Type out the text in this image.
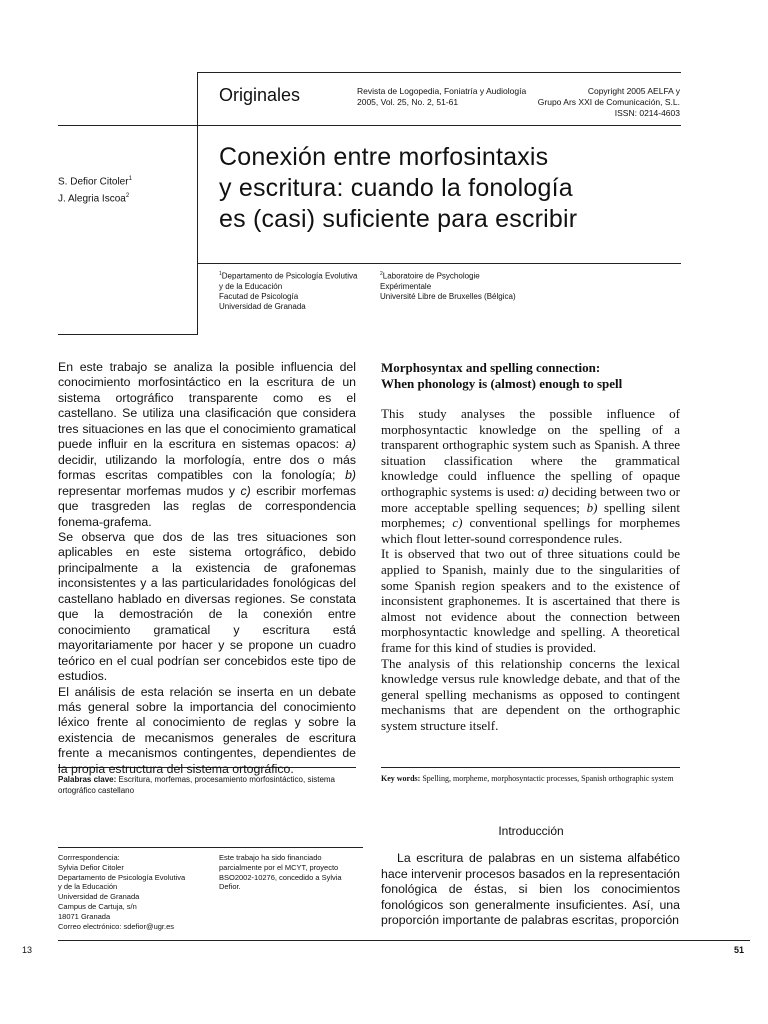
Originales	Revista de Logopedia, Foniatría y Audiología
2005, Vol. 25, No. 2, 51-61
Copyright 2005 AELFA y
Grupo Ars XXI de Comunicación, S.L.
ISSN: 0214-4603
Conexión entre morfosintaxis
y escritura: cuando la fonología
es (casi) suficiente para escribir
S. Defior Citoler$^1$
J. Alegria Iscoa$^2$
$^1$Departamento de Psicología Evolutiva
y de la Educación
Facutad de Psicología
Universidad de Granada
$^2$Laboratoire de Psychologie
Expérimentale
Université Libre de Bruxelles (Bélgica)

En este trabajo se analiza la posible influencia del conocimiento morfosintáctico en la escritura de un sistema ortográfico transparente como es el castellano. Se utiliza una clasificación que considera tres situaciones en las que el conocimiento gramatical puede influir en la escritura en sistemas opacos: a) decidir, utilizando la morfología, entre dos o más formas escritas compatibles con la fonología; b) representar morfemas mudos y c) escribir morfemas que trasgreden las reglas de correspondencia fonema-grafema.

Se observa que dos de las tres situaciones son aplicables en este sistema ortográfico, debido principalmente a la existencia de grafonemas inconsistentes y a las particularidades fonológicas del castellano hablado en diversas regiones. Se constata que la demostración de la conexión entre conocimiento gramatical y escritura está mayoritariamente por hacer y se propone un cuadro teórico en el cual podrían ser concebidos este tipo de estudios.

El análisis de esta relación se inserta en un debate más general sobre la importancia del conocimiento léxico frente al conocimiento de reglas y sobre la existencia de mecanismos generales de escritura frente a mecanismos contingentes, dependientes de la propia estructura del sistema ortográfico.

Palabras clave: Escritura, morfemas, procesamiento morfosintáctico, sistema ortográfico castellano
Morphosyntax and spelling connection:
When phonology is (almost) enough to spell

This study analyses the possible influence of morphosyntactic knowledge on the spelling of a transparent orthographic system such as Spanish. A three situation classification where the grammatical knowledge could influence the spelling of opaque orthographic systems is used: a) deciding between two or more acceptable spelling sequences; b) spelling silent morphemes; c) conventional spellings for morphemes which flout letter-sound correspondence rules.

It is observed that two out of three situations could be applied to Spanish, mainly due to the singularities of some Spanish region speakers and to the existence of inconsistent graphonemes. It is ascertained that there is almost not evidence about the connection between morphosyntactic knowledge and spelling. A theoretical frame for this kind of studies is provided.

The analysis of this relationship concerns the lexical knowledge versus rule knowledge debate, and that of the general spelling mechanisms as opposed to contingent mechanisms that are dependent on the orthographic system structure itself.

Key words: Spelling, morpheme, morphosyntactic processes, Spanish orthographic system
Introducción

La escritura de palabras en un sistema alfabético hace intervenir procesos basados en la representación fonológica de éstas, si bien los conocimientos fonológicos son generalmente insuficientes. Así, una proporción importante de palabras escritas, proporción

Corrrespondencia:
Sylvia Defior Citoler
Departamento de Psicología Evolutiva
y de la Educación
Universidad de Granada
Campus de Cartuja, s/n
18071 Granada
Correo electrónico: sdefior@ugr.es
Este trabajo ha sido financiado parcialmente por el MCYT, proyecto BSO2002-10276, concedido a Sylvia Defior.
13	51
